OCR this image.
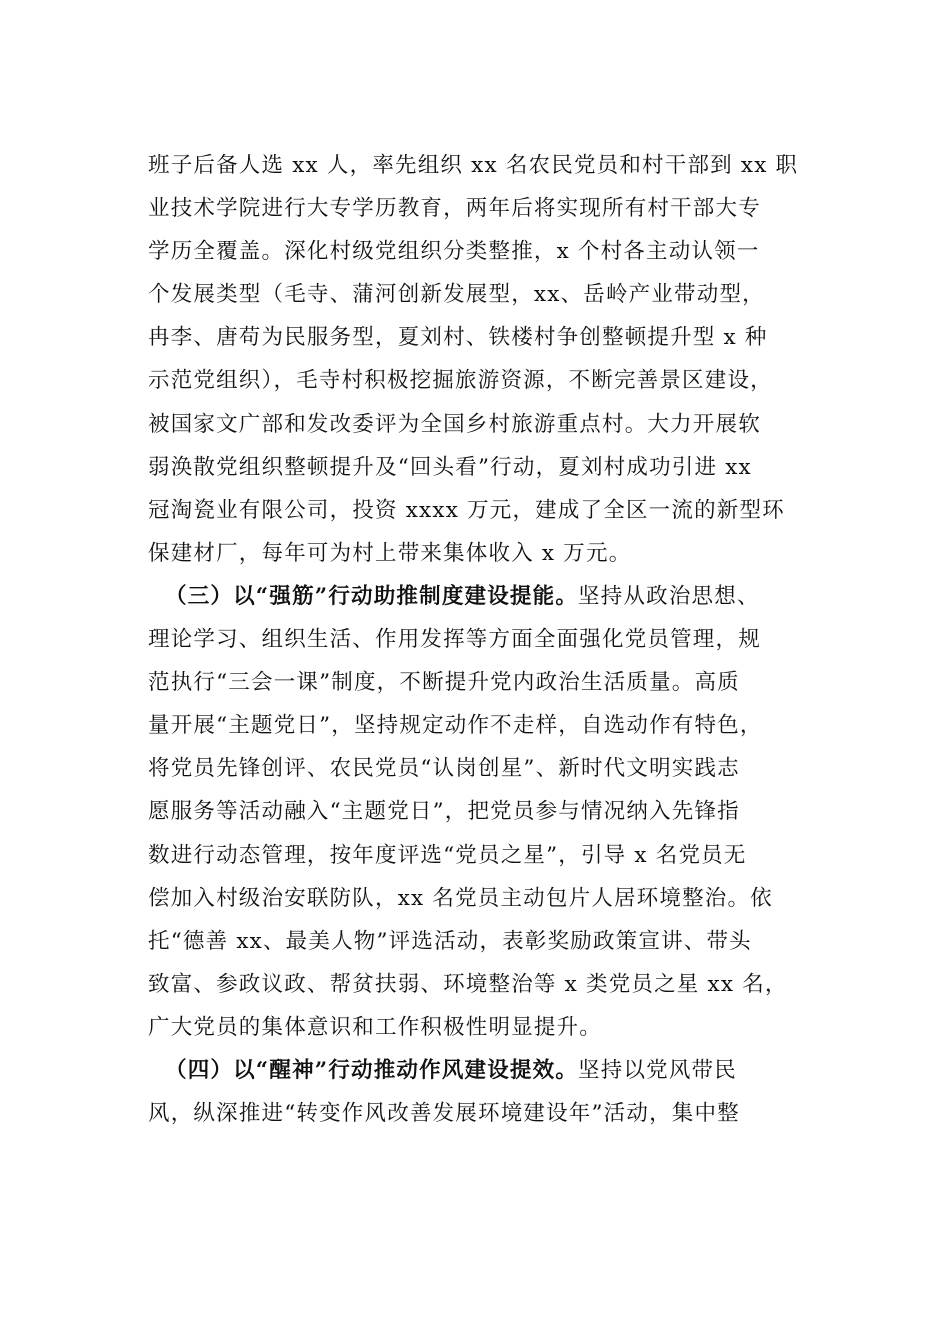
班子后备人选 xx 人，率先组织 xx 名农民党员和村干部到 xx 职
业技术学院进行大专学历教育，两年后将实现所有村干部大专
学历全覆盖。深化村级党组织分类整推，x 个村各主动认领一
个发展类型（毛寺、蒲河创新发展型，xx、岳岭产业带动型，
冉李、唐苟为民服务型，夏刘村、铁楼村争创整顿提升型 x 种
示范党组织），毛寺村积极挖掘旅游资源，不断完善景区建设，
被国家文广部和发改委评为全国乡村旅游重点村。大力开展软
弱涣散党组织整顿提升及“回头看”行动，夏刘村成功引进 xx
冠淘瓷业有限公司，投资 xxxx 万元，建成了全区一流的新型环
保建材厂，每年可为村上带来集体收入 x 万元。
（三）以“强筋”行动助推制度建设提能。坚持从政治思想、
理论学习、组织生活、作用发挥等方面全面强化党员管理，规
范执行“三会一课”制度，不断提升党内政治生活质量。高质
量开展“主题党日”，坚持规定动作不走样，自选动作有特色，
将党员先锋创评、农民党员“认岗创星”、新时代文明实践志
愿服务等活动融入“主题党日”，把党员参与情况纳入先锋指
数进行动态管理，按年度评选“党员之星”，引导 x 名党员无
偿加入村级治安联防队，xx 名党员主动包片人居环境整治。依
托“德善 xx、最美人物”评选活动，表彰奖励政策宣讲、带头
致富、参政议政、帮贫扶弱、环境整治等 x 类党员之星 xx 名，
广大党员的集体意识和工作积极性明显提升。
（四）以“醒神”行动推动作风建设提效。坚持以党风带民
风，纵深推进“转变作风改善发展环境建设年”活动，集中整
